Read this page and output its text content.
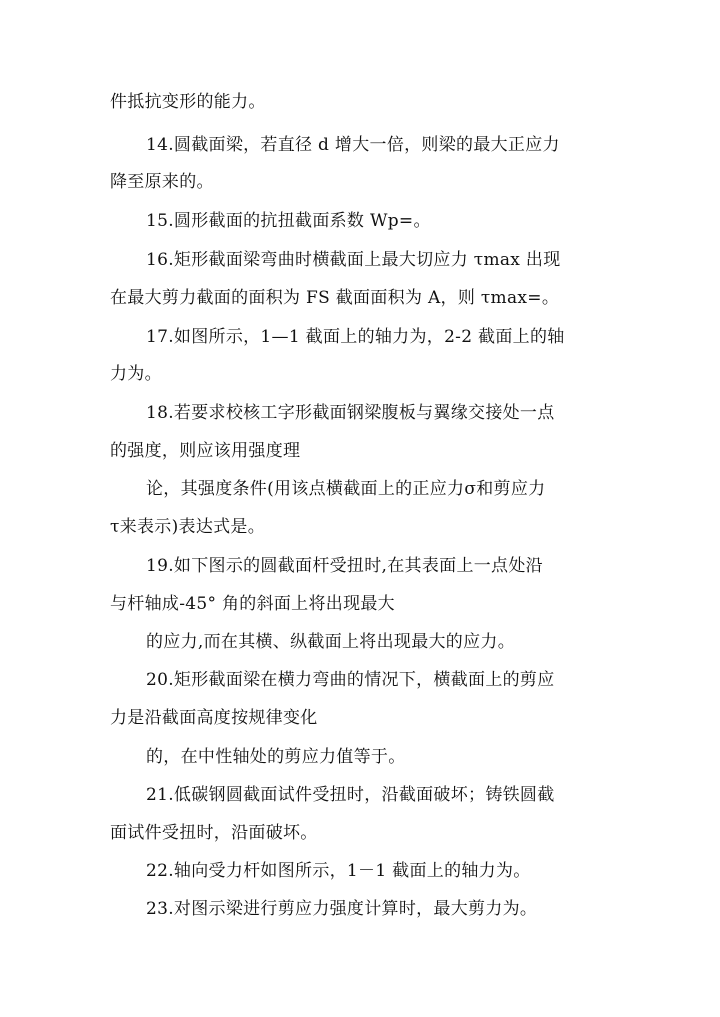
件抵抗变形的能力。
14.圆截面梁，若直径 d 增大一倍，则梁的最大正应力
降至原来的。
15.圆形截面的抗扭截面系数 Wp=。
16.矩形截面梁弯曲时横截面上最大切应力 τmax 出现
在最大剪力截面的面积为 FS 截面面积为 A，则 τmax=。
17.如图所示，1—1 截面上的轴力为，2-2 截面上的轴
力为。
18.若要求校核工字形截面钢梁腹板与翼缘交接处一点
的强度，则应该用强度理
论，其强度条件(用该点横截面上的正应力σ和剪应力
τ来表示)表达式是。
19.如下图示的圆截面杆受扭时,在其表面上一点处沿
与杆轴成-45° 角的斜面上将出现最大
的应力,而在其横、纵截面上将出现最大的应力。
20.矩形截面梁在横力弯曲的情况下，横截面上的剪应
力是沿截面高度按规律变化
的，在中性轴处的剪应力值等于。
21.低碳钢圆截面试件受扭时，沿截面破坏；铸铁圆截
面试件受扭时，沿面破坏。
22.轴向受力杆如图所示，1－1 截面上的轴力为。
23.对图示梁进行剪应力强度计算时，最大剪力为。
